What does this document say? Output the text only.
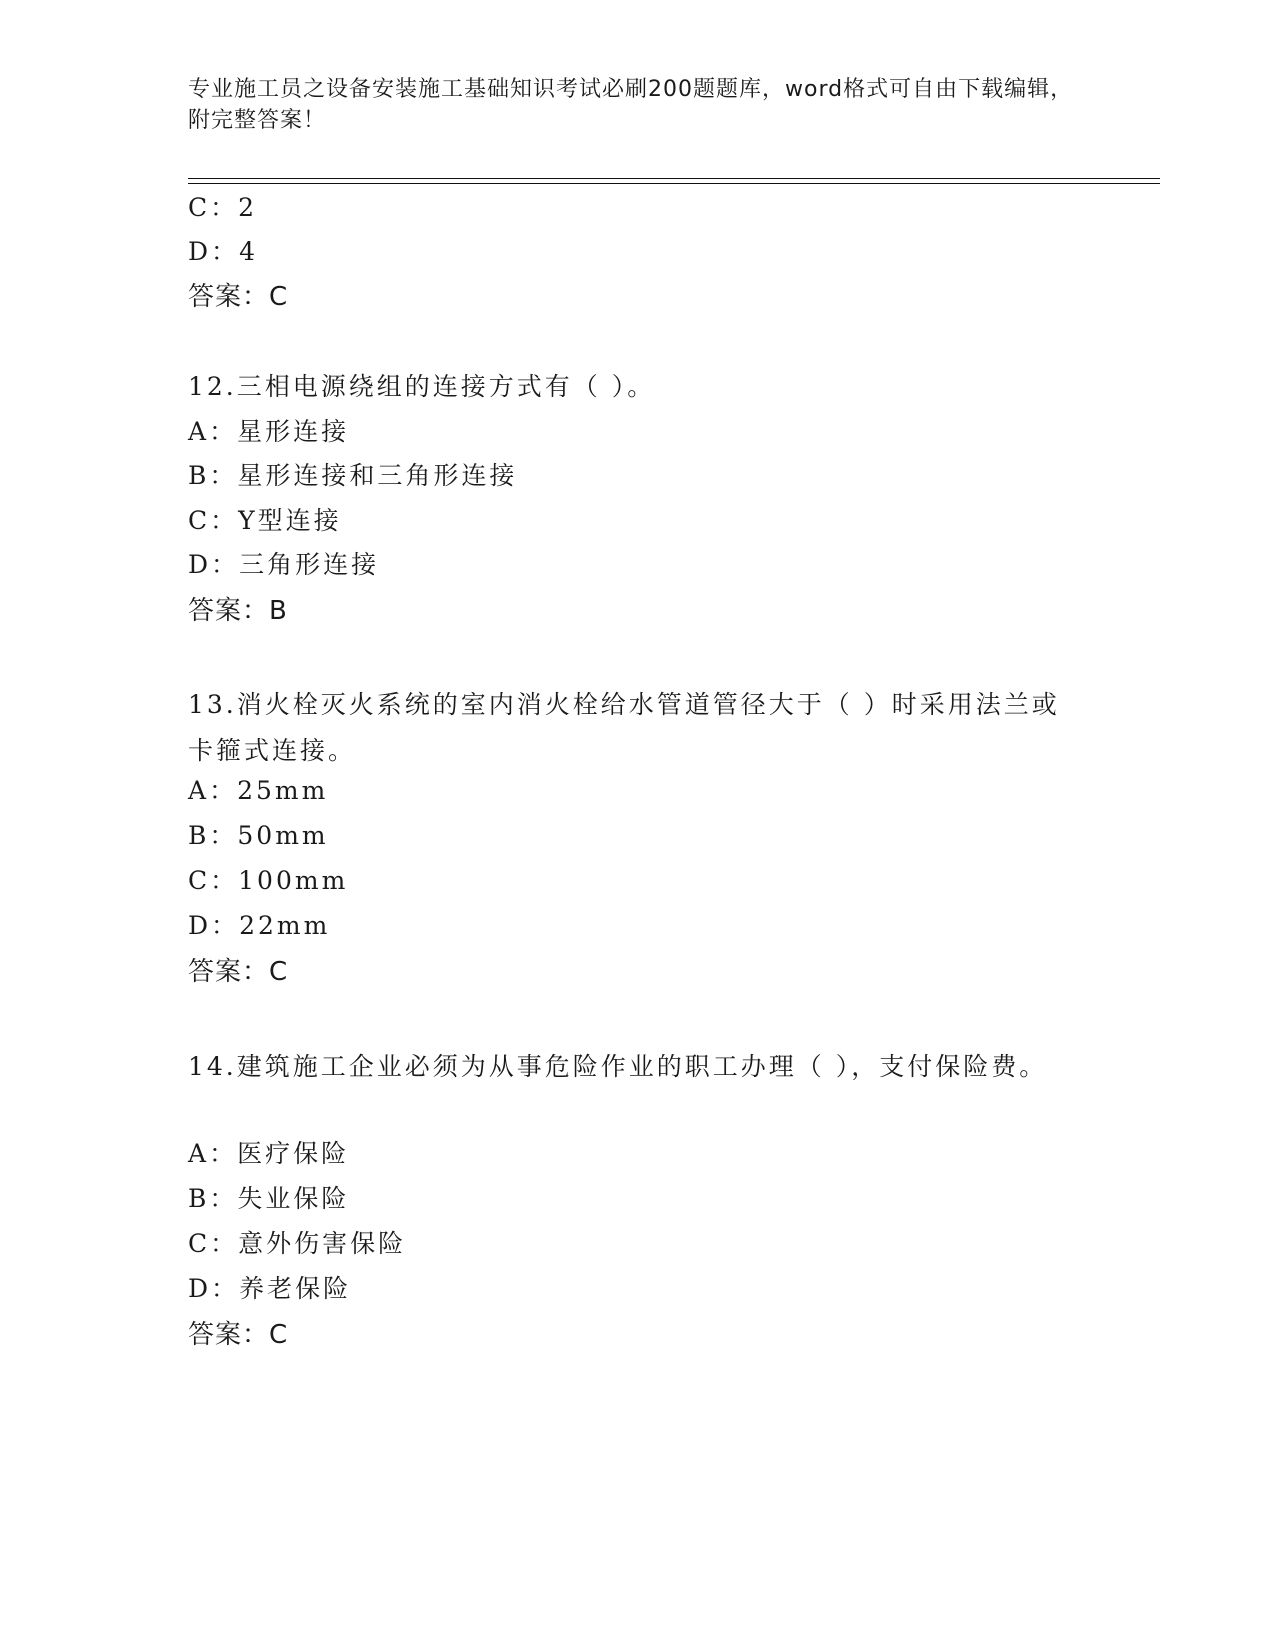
专业施工员之设备安装施工基础知识考试必刷200题题库，word格式可自由下载编辑，附完整答案！
C：2
D：4
答案：C
12.三相电源绕组的连接方式有（ ）。
A：星形连接
B：星形连接和三角形连接
C：Y型连接
D：三角形连接
答案：B
13.消火栓灭火系统的室内消火栓给水管道管径大于（ ）时采用法兰或卡箍式连接。
A：25mm
B：50mm
C：100mm
D：22mm
答案：C
14.建筑施工企业必须为从事危险作业的职工办理（ ），支付保险费。
A：医疗保险
B：失业保险
C：意外伤害保险
D：养老保险
答案：C
